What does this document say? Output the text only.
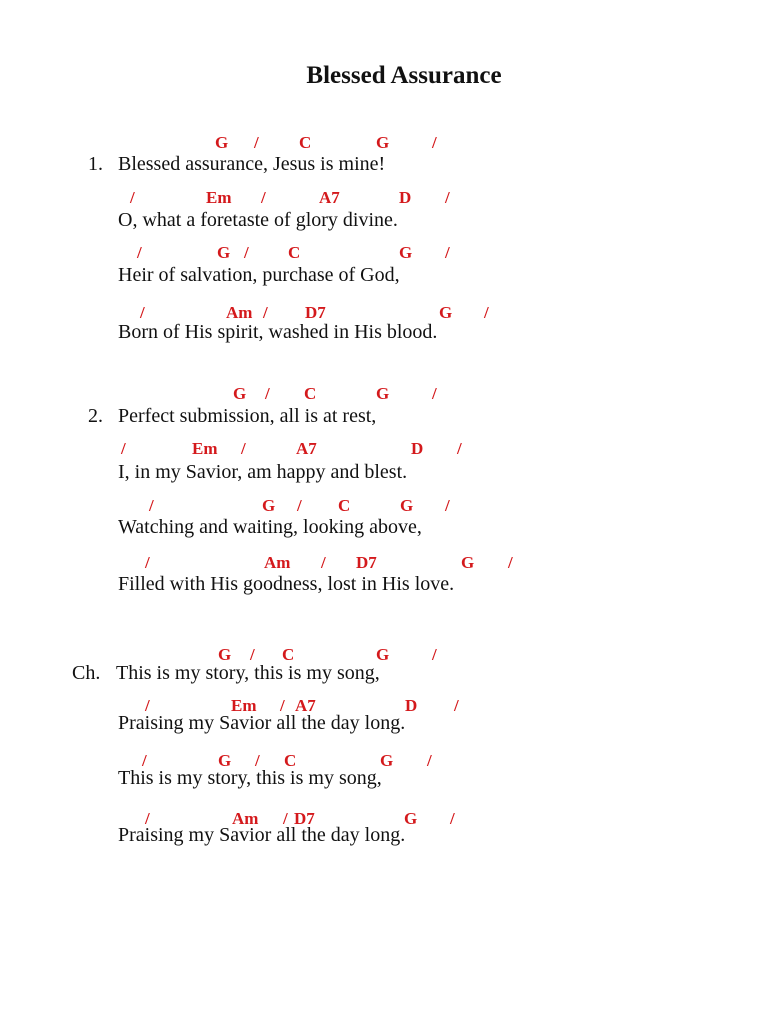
Blessed Assurance
1.
G / C	G	/
Blessed assurance, Jesus is mine!
/	Em /	A7	D /
O, what a foretaste of glory divine.
/	G / C	G /
Heir of salvation, purchase of God,
/	Am / D7	G /
Born of His spirit, washed in His blood.
2.
G / C	G	/
Perfect submission, all is at rest,
/	Em /	A7	D /
I, in my Savior, am happy and blest.
/	G / C	G /
Watching and waiting, looking above,
/	Am / D7	G /
Filled with His goodness, lost in His love.
Ch.
G / C	G	/
This is my story, this is my song,
/	Em / A7	D /
Praising my Savior all the day long.
/	G / C	G /
This is my story, this is my song,
/	Am / D7	G /
Praising my Savior all the day long.
